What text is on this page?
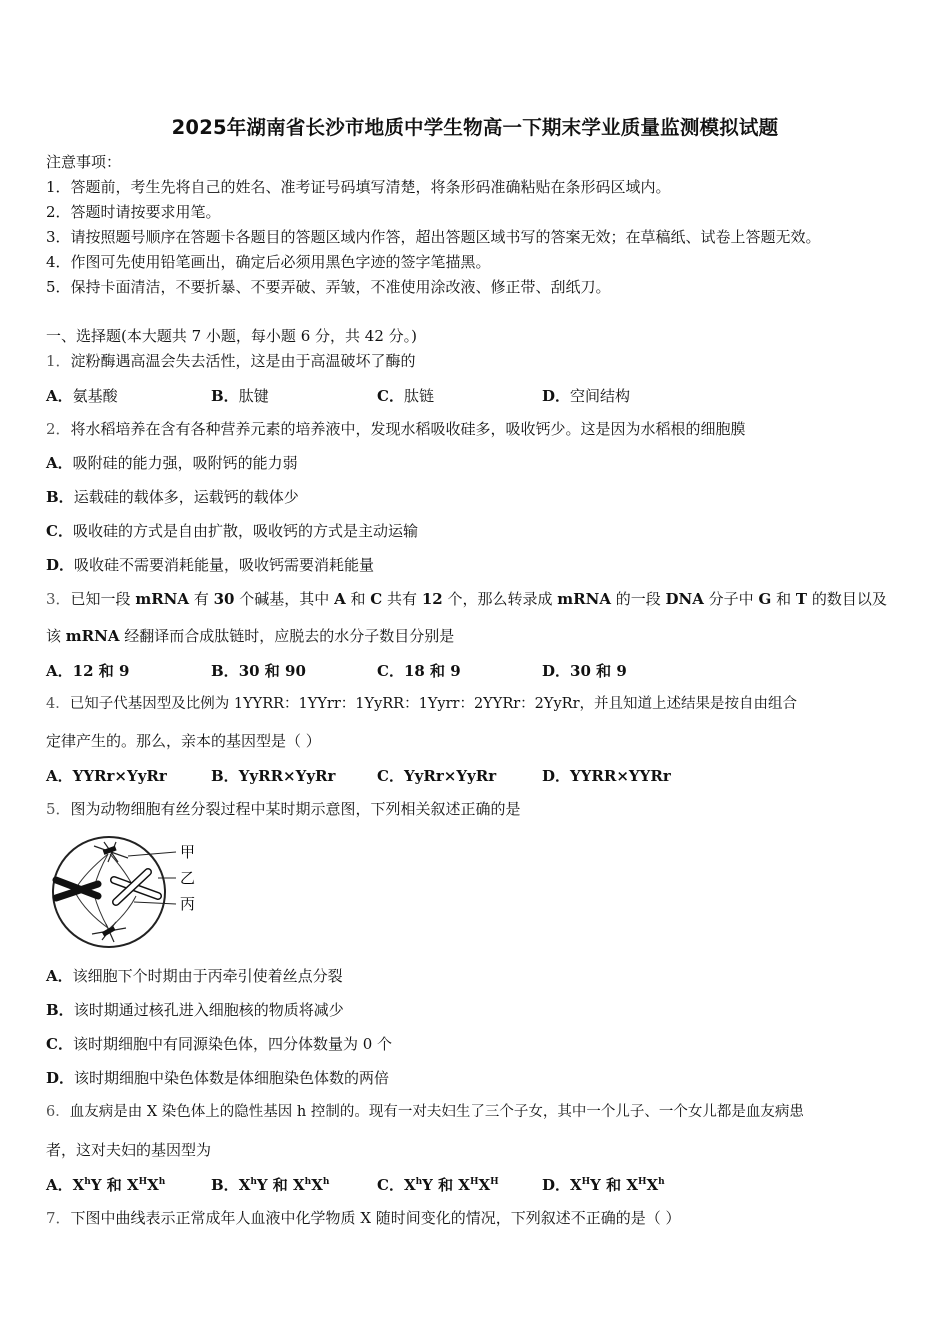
2025年湖南省长沙市地质中学生物高一下期末学业质量监测模拟试题
注意事项：
1．答题前，考生先将自己的姓名、准考证号码填写清楚，将条形码准确粘贴在条形码区域内。
2．答题时请按要求用笔。
3．请按照题号顺序在答题卡各题目的答题区域内作答，超出答题区域书写的答案无效；在草稿纸、试卷上答题无效。
4．作图可先使用铅笔画出，确定后必须用黑色字迹的签字笔描黑。
5．保持卡面清洁，不要折暴、不要弄破、弄皱，不准使用涂改液、修正带、刮纸刀。
一、选择题(本大题共 7 小题，每小题 6 分，共 42 分。)
1．淀粉酶遇高温会失去活性，这是由于高温破坏了酶的
A．氨基酸	B．肽键	C．肽链	D．空间结构
2．将水稻培养在含有各种营养元素的培养液中，发现水稻吸收硅多，吸收钙少。这是因为水稻根的细胞膜
A．吸附硅的能力强，吸附钙的能力弱
B．运载硅的载体多，运载钙的载体少
C．吸收硅的方式是自由扩散，吸收钙的方式是主动运输
D．吸收硅不需要消耗能量，吸收钙需要消耗能量
3．已知一段 mRNA 有 30 个碱基，其中 A 和 C 共有 12 个，那么转录成 mRNA 的一段 DNA 分子中 G 和 T 的数目以及
该 mRNA 经翻译而合成肽链时，应脱去的水分子数目分别是
A．12 和 9	B．30 和 90	C．18 和 9	D．30 和 9
4．已知子代基因型及比例为 1YYRR：1YYrr：1YyRR：1Yyrr：2YYRr：2YyRr，并且知道上述结果是按自由组合
定律产生的。那么，亲本的基因型是（ ）
A．YYRr×YyRr	B．YyRR×YyRr	C．YyRr×YyRr	D．YYRR×YYRr
5．图为动物细胞有丝分裂过程中某时期示意图，下列相关叙述正确的是
甲
乙
丙
A．该细胞下个时期由于丙牵引使着丝点分裂
B．该时期通过核孔进入细胞核的物质将减少
C．该时期细胞中有同源染色体，四分体数量为 0 个
D．该时期细胞中染色体数是体细胞染色体数的两倍
6．血友病是由 X 染色体上的隐性基因 h 控制的。现有一对夫妇生了三个子女，其中一个儿子、一个女儿都是血友病患
者，这对夫妇的基因型为
A．$X^hY$ 和 $X^HX^h$	B．$X^hY$ 和 $X^hX^h$	C．$X^hY$ 和 $X^HX^H$	D．$X^HY$ 和 $X^HX^h$
7．下图中曲线表示正常成年人血液中化学物质 X 随时间变化的情况，下列叙述不正确的是（ ）
